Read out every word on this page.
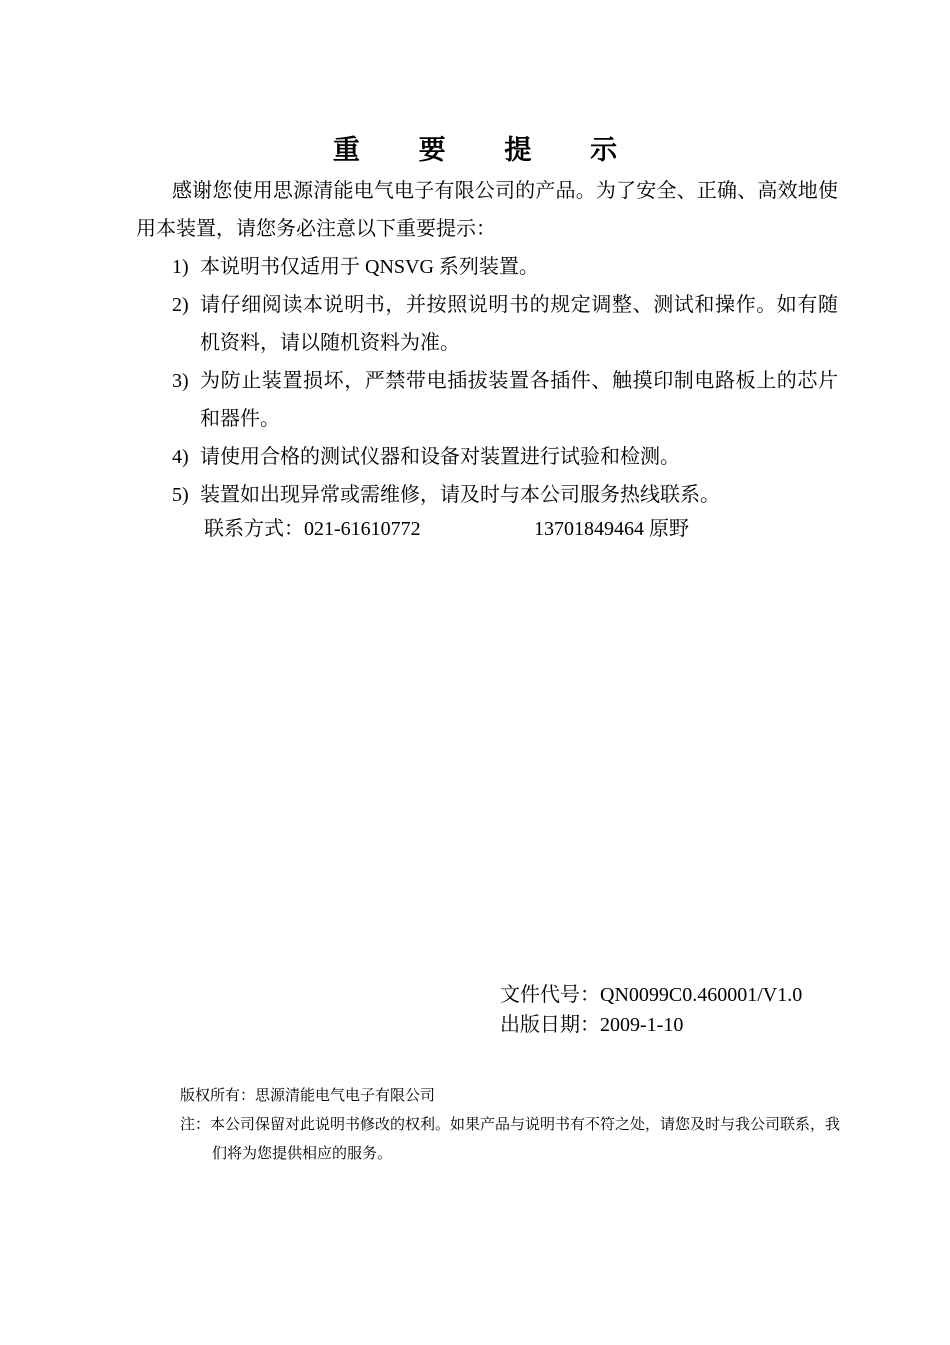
重 要 提 示

感谢您使用思源清能电气电子有限公司的产品。为了安全、正确、高效地使用本装置，请您务必注意以下重要提示：

1) 本说明书仅适用于 QNSVG 系列装置。
2) 请仔细阅读本说明书，并按照说明书的规定调整、测试和操作。如有随机资料，请以随机资料为准。
3) 为防止装置损坏，严禁带电插拔装置各插件、触摸印制电路板上的芯片和器件。
4) 请使用合格的测试仪器和设备对装置进行试验和检测。
5) 装置如出现异常或需维修，请及时与本公司服务热线联系。
联系方式：021-61610772	13701849464 原野
文件代号：QN0099C0.460001/V1.0
出版日期：2009-1-10

版权所有：思源清能电气电子有限公司

注：本公司保留对此说明书修改的权利。如果产品与说明书有不符之处，请您及时与我公司联系，我们将为您提供相应的服务。
